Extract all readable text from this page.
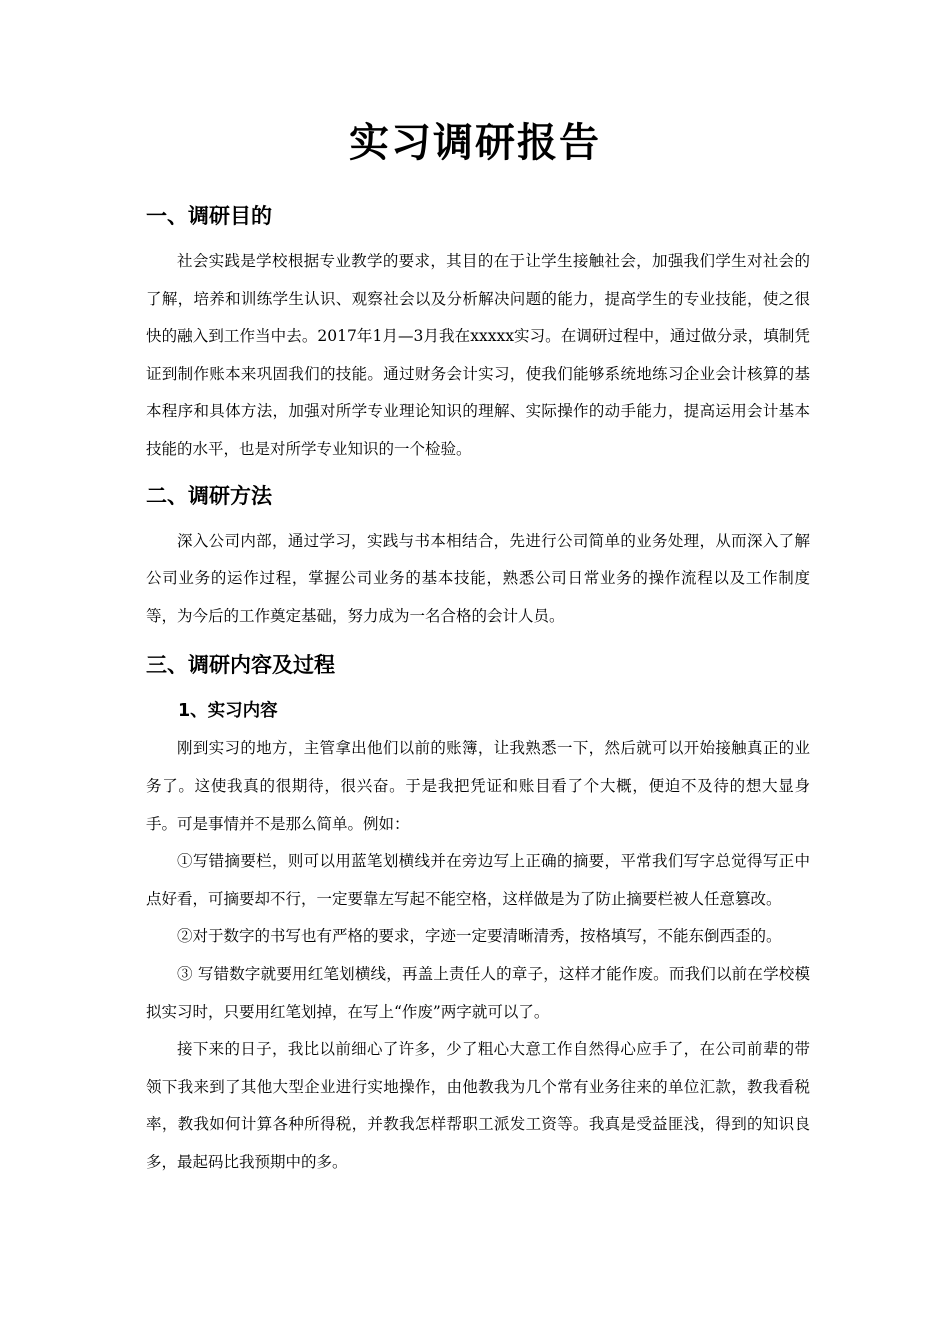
实习调研报告
一、调研目的

社会实践是学校根据专业教学的要求，其目的在于让学生接触社会，加强我们学生对社会的了解，培养和训练学生认识、观察社会以及分析解决问题的能力，提高学生的专业技能，使之很快的融入到工作当中去。2017年1月—3月我在xxxxx实习。在调研过程中，通过做分录，填制凭证到制作账本来巩固我们的技能。通过财务会计实习，使我们能够系统地练习企业会计核算的基本程序和具体方法，加强对所学专业理论知识的理解、实际操作的动手能力，提高运用会计基本技能的水平，也是对所学专业知识的一个检验。

二、调研方法

深入公司内部，通过学习，实践与书本相结合，先进行公司简单的业务处理，从而深入了解公司业务的运作过程，掌握公司业务的基本技能，熟悉公司日常业务的操作流程以及工作制度等，为今后的工作奠定基础，努力成为一名合格的会计人员。

三、调研内容及过程
1、实习内容

刚到实习的地方，主管拿出他们以前的账簿，让我熟悉一下，然后就可以开始接触真正的业务了。这使我真的很期待，很兴奋。于是我把凭证和账目看了个大概，便迫不及待的想大显身手。可是事情并不是那么简单。例如：

①写错摘要栏，则可以用蓝笔划横线并在旁边写上正确的摘要，平常我们写字总觉得写正中点好看，可摘要却不行，一定要靠左写起不能空格，这样做是为了防止摘要栏被人任意篡改。

②对于数字的书写也有严格的要求，字迹一定要清晰清秀，按格填写，不能东倒西歪的。

③ 写错数字就要用红笔划横线，再盖上责任人的章子，这样才能作废。而我们以前在学校模拟实习时，只要用红笔划掉，在写上“作废”两字就可以了。

接下来的日子，我比以前细心了许多，少了粗心大意工作自然得心应手了，在公司前辈的带领下我来到了其他大型企业进行实地操作，由他教我为几个常有业务往来的单位汇款，教我看税率，教我如何计算各种所得税，并教我怎样帮职工派发工资等。我真是受益匪浅，得到的知识良多，最起码比我预期中的多。
